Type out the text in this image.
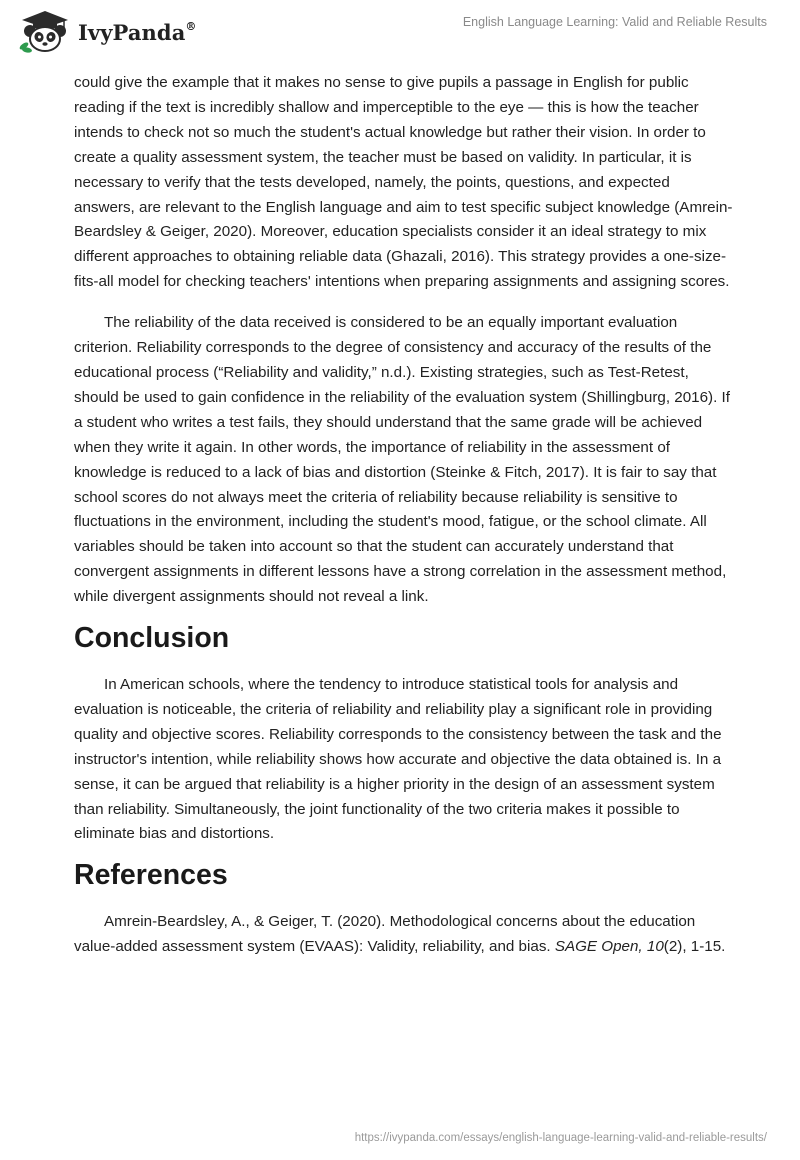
IvyPanda®	English Language Learning: Valid and Reliable Results

could give the example that it makes no sense to give pupils a passage in English for public reading if the text is incredibly shallow and imperceptible to the eye — this is how the teacher intends to check not so much the student's actual knowledge but rather their vision. In order to create a quality assessment system, the teacher must be based on validity. In particular, it is necessary to verify that the tests developed, namely, the points, questions, and expected answers, are relevant to the English language and aim to test specific subject knowledge (Amrein-Beardsley & Geiger, 2020). Moreover, education specialists consider it an ideal strategy to mix different approaches to obtaining reliable data (Ghazali, 2016). This strategy provides a one-size-fits-all model for checking teachers' intentions when preparing assignments and assigning scores.

The reliability of the data received is considered to be an equally important evaluation criterion. Reliability corresponds to the degree of consistency and accuracy of the results of the educational process (“Reliability and validity,” n.d.). Existing strategies, such as Test-Retest, should be used to gain confidence in the reliability of the evaluation system (Shillingburg, 2016). If a student who writes a test fails, they should understand that the same grade will be achieved when they write it again. In other words, the importance of reliability in the assessment of knowledge is reduced to a lack of bias and distortion (Steinke & Fitch, 2017). It is fair to say that school scores do not always meet the criteria of reliability because reliability is sensitive to fluctuations in the environment, including the student's mood, fatigue, or the school climate. All variables should be taken into account so that the student can accurately understand that convergent assignments in different lessons have a strong correlation in the assessment method, while divergent assignments should not reveal a link.

Conclusion

In American schools, where the tendency to introduce statistical tools for analysis and evaluation is noticeable, the criteria of reliability and reliability play a significant role in providing quality and objective scores. Reliability corresponds to the consistency between the task and the instructor's intention, while reliability shows how accurate and objective the data obtained is. In a sense, it can be argued that reliability is a higher priority in the design of an assessment system than reliability. Simultaneously, the joint functionality of the two criteria makes it possible to eliminate bias and distortions.

References

Amrein-Beardsley, A., & Geiger, T. (2020). Methodological concerns about the education value-added assessment system (EVAAS): Validity, reliability, and bias. SAGE Open, 10(2), 1-15.

https://ivypanda.com/essays/english-language-learning-valid-and-reliable-results/
